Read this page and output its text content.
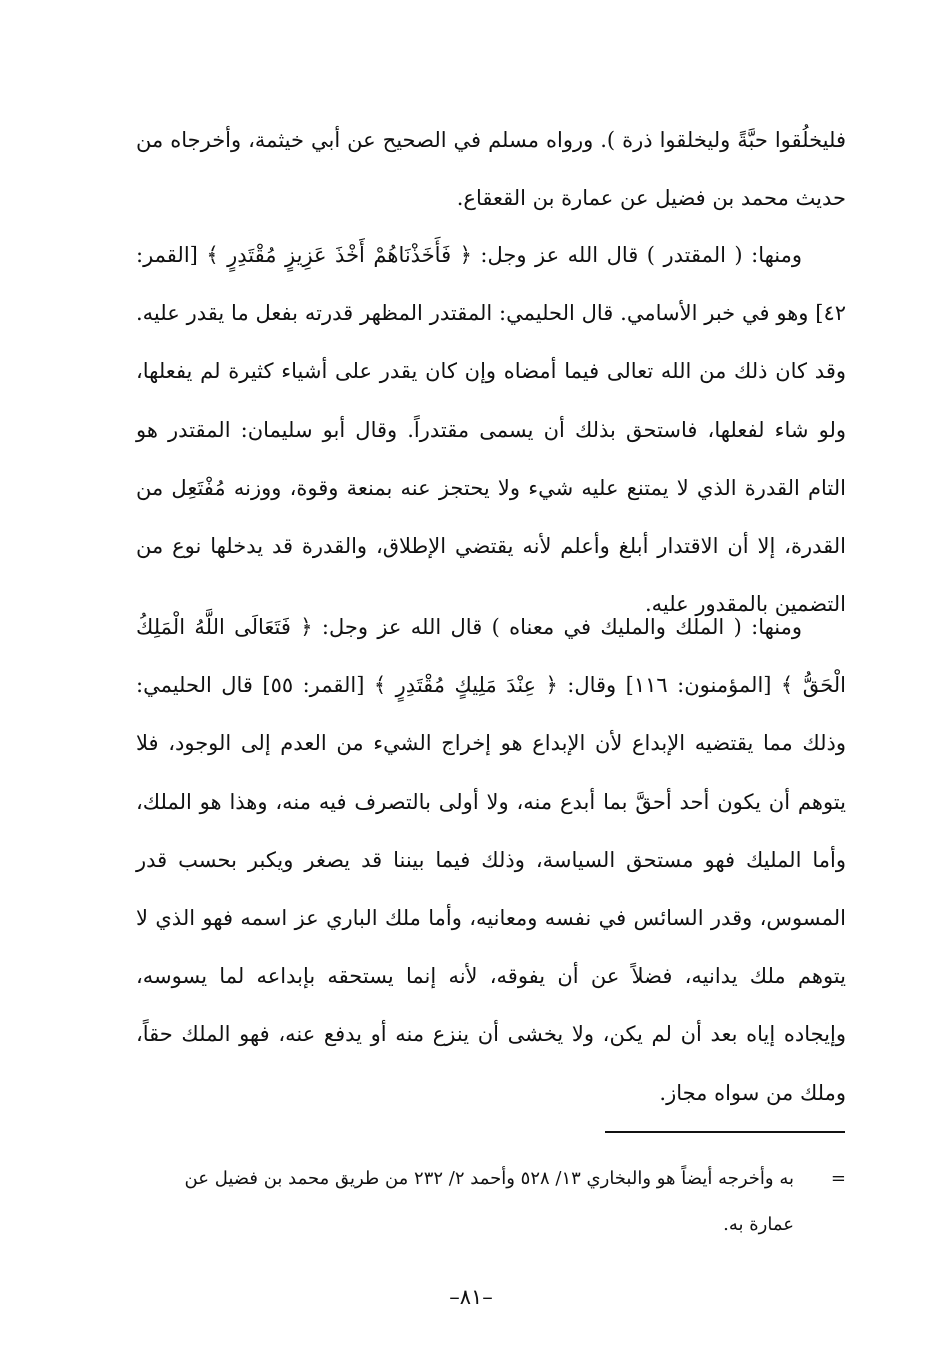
فليخلُقوا حبَّةً وليخلقوا ذرة ). ورواه مسلم في الصحيح عن أبي خيثمة، وأخرجاه من حديث محمد بن فضيل عن عمارة بن القعقاع.

ومنها: ( المقتدر ) قال الله عز وجل: ﴿ فَأَخَذْنَاهُمْ أَخْذَ عَزِيزٍ مُقْتَدِرٍ ﴾ [القمر: ٤٢] وهو في خبر الأسامي. قال الحليمي: المقتدر المظهر قدرته بفعل ما يقدر عليه. وقد كان ذلك من الله تعالى فيما أمضاه وإن كان يقدر على أشياء كثيرة لم يفعلها، ولو شاء لفعلها، فاستحق بذلك أن يسمى مقتدراً. وقال أبو سليمان: المقتدر هو التام القدرة الذي لا يمتنع عليه شيء ولا يحتجز عنه بمنعة وقوة، ووزنه مُفْتَعِل من القدرة، إلا أن الاقتدار أبلغ وأعلم لأنه يقتضي الإطلاق، والقدرة قد يدخلها نوع من التضمين بالمقدور عليه.

ومنها: ( الملك والمليك في معناه ) قال الله عز وجل: ﴿ فَتَعَالَى اللَّهُ الْمَلِكُ الْحَقُّ ﴾ [المؤمنون: ١١٦] وقال: ﴿ عِنْدَ مَلِيكٍ مُقْتَدِرٍ ﴾ [القمر: ٥٥] قال الحليمي: وذلك مما يقتضيه الإبداع لأن الإبداع هو إخراج الشيء من العدم إلى الوجود، فلا يتوهم أن يكون أحد أحقَّ بما أبدع منه، ولا أولى بالتصرف فيه منه، وهذا هو الملك، وأما المليك فهو مستحق السياسة، وذلك فيما بيننا قد يصغر ويكبر بحسب قدر المسوس، وقدر السائس في نفسه ومعانيه، وأما ملك الباري عز اسمه فهو الذي لا يتوهم ملك يدانيه، فضلاً عن أن يفوقه، لأنه إنما يستحقه بإبداعه لما يسوسه، وإيجاده إياه بعد أن لم يكن، ولا يخشى أن ينزع منه أو يدفع عنه، فهو الملك حقاً، وملك من سواه مجاز.

=
به وأخرجه أيضاً هو والبخاري ١٣/ ٥٢٨ وأحمد ٢/ ٢٣٢ من طريق محمد بن فضيل عن عمارة به.
–٨١–
